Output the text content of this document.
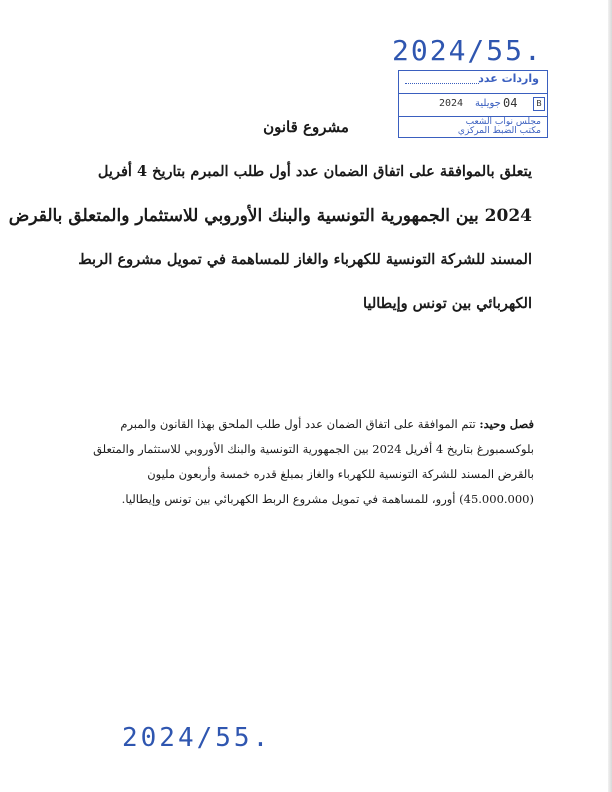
2024/55.
واردات عدد
2024 جويلية 04	B
مجلس نواب الشعب
مكتب الضبط المركزي
مشروع قانون
يتعلق بالموافقة على اتفاق الضمان عدد أول طلب المبرم بتاريخ 4 أفريل
2024 بين الجمهورية التونسية والبنك الأوروبي للاستثمار والمتعلق بالقرض
المسند للشركة التونسية للكهرباء والغاز للمساهمة في تمويل مشروع الربط
الكهربائي بين تونس وإيطاليا
فصل وحيد: تتم الموافقة على اتفاق الضمان عدد أول طلب الملحق بهذا القانون والمبرم
بلوكسمبورغ بتاريخ 4 أفريل 2024 بين الجمهورية التونسية والبنك الأوروبي للاستثمار والمتعلق
بالقرض المسند للشركة التونسية للكهرباء والغاز بمبلغ قدره خمسة وأربعون مليون
(45.000.000) أورو، للمساهمة في تمويل مشروع الربط الكهربائي بين تونس وإيطاليا.
2024/55.
